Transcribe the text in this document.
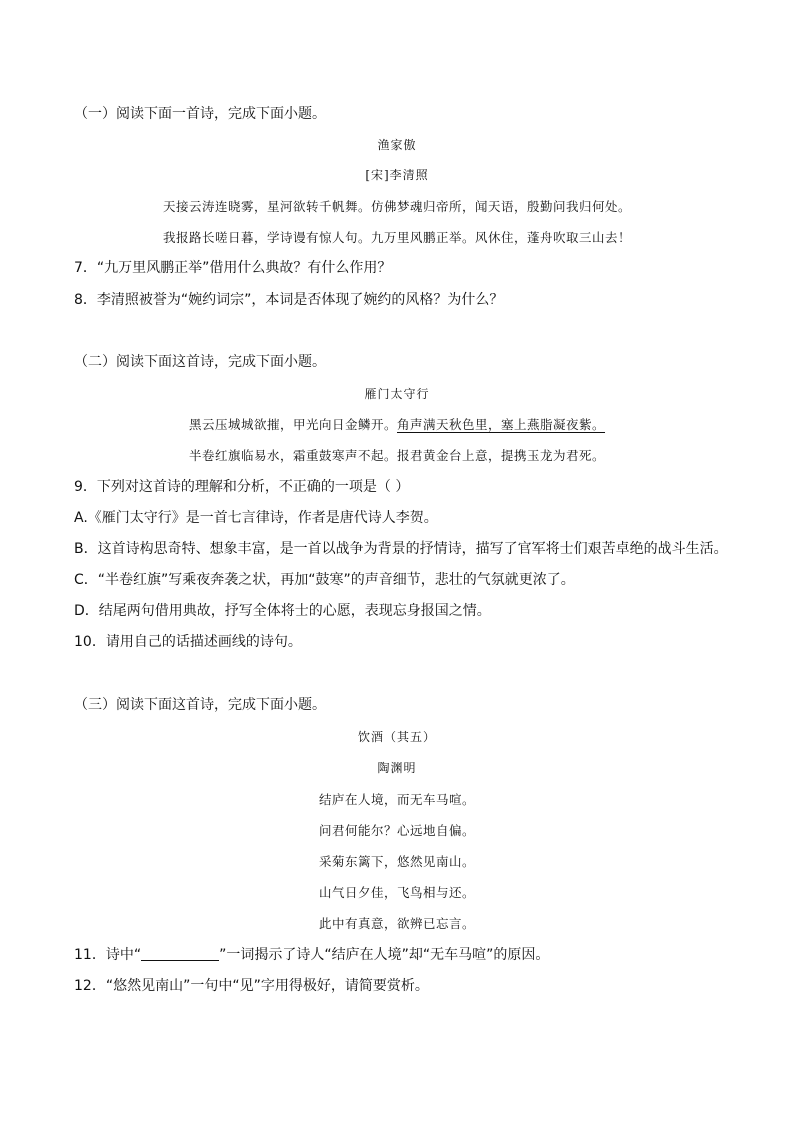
（一）阅读下面一首诗，完成下面小题。
渔家傲
[宋]李清照
天接云涛连晓雾，星河欲转千帆舞。仿佛梦魂归帝所，闻天语，殷勤问我归何处。
我报路长嗟日暮，学诗谩有惊人句。九万里风鹏正举。风休住，蓬舟吹取三山去！
7．“九万里风鹏正举”借用什么典故？有什么作用？
8．李清照被誉为“婉约词宗”，本词是否体现了婉约的风格？为什么？
（二）阅读下面这首诗，完成下面小题。
雁门太守行
黑云压城城欲摧，甲光向日金鳞开。角声满天秋色里，塞上燕脂凝夜紫。
半卷红旗临易水，霜重鼓寒声不起。报君黄金台上意，提携玉龙为君死。
9．下列对这首诗的理解和分析，不正确的一项是（ ）
A.《雁门太守行》是一首七言律诗，作者是唐代诗人李贺。
B．这首诗构思奇特、想象丰富，是一首以战争为背景的抒情诗，描写了官军将士们艰苦卓绝的战斗生活。
C．“半卷红旗”写乘夜奔袭之状，再加“鼓寒”的声音细节，悲壮的气氛就更浓了。
D．结尾两句借用典故，抒写全体将士的心愿，表现忘身报国之情。
10．请用自己的话描述画线的诗句。
（三）阅读下面这首诗，完成下面小题。
饮酒（其五）
陶渊明
结庐在人境，而无车马喧。
问君何能尔？心远地自偏。
采菊东篱下，悠然见南山。
山气日夕佳，飞鸟相与还。
此中有真意，欲辨已忘言。
11．诗中“	”一词揭示了诗人“结庐在人境”却“无车马喧”的原因。
12．“悠然见南山”一句中“见”字用得极好，请简要赏析。
